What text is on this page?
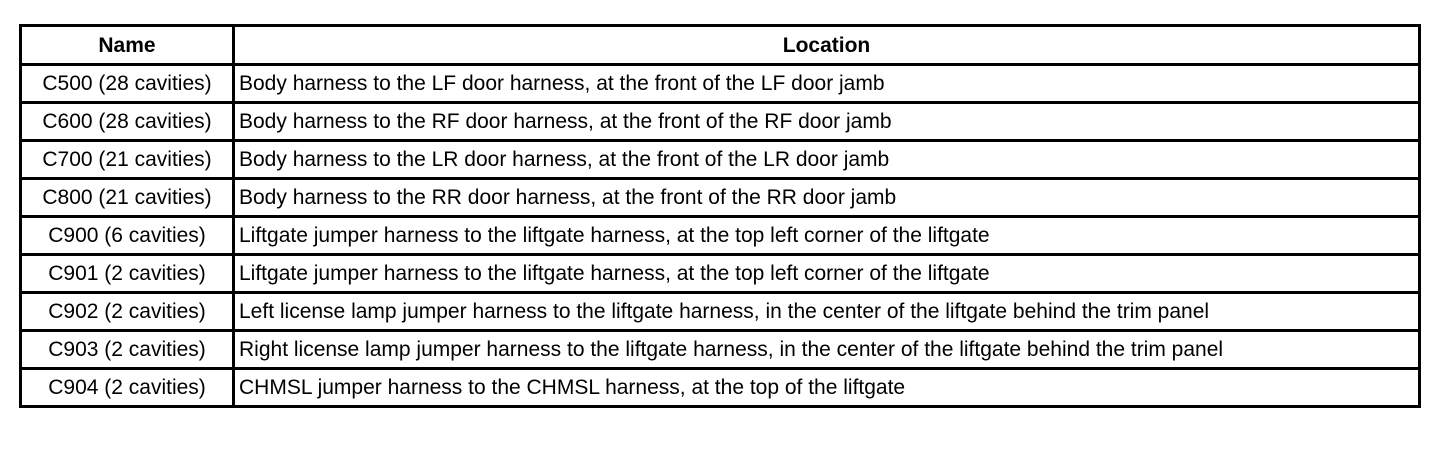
Name	Location
C500 (28 cavities)	Body harness to the LF door harness, at the front of the LF door jamb
C600 (28 cavities)	Body harness to the RF door harness, at the front of the RF door jamb
C700 (21 cavities)	Body harness to the LR door harness, at the front of the LR door jamb
C800 (21 cavities)	Body harness to the RR door harness, at the front of the RR door jamb
C900 (6 cavities)	Liftgate jumper harness to the liftgate harness, at the top left corner of the liftgate
C901 (2 cavities)	Liftgate jumper harness to the liftgate harness, at the top left corner of the liftgate
C902 (2 cavities)	Left license lamp jumper harness to the liftgate harness, in the center of the liftgate behind the trim panel
C903 (2 cavities)	Right license lamp jumper harness to the liftgate harness, in the center of the liftgate behind the trim panel
C904 (2 cavities)	CHMSL jumper harness to the CHMSL harness, at the top of the liftgate
